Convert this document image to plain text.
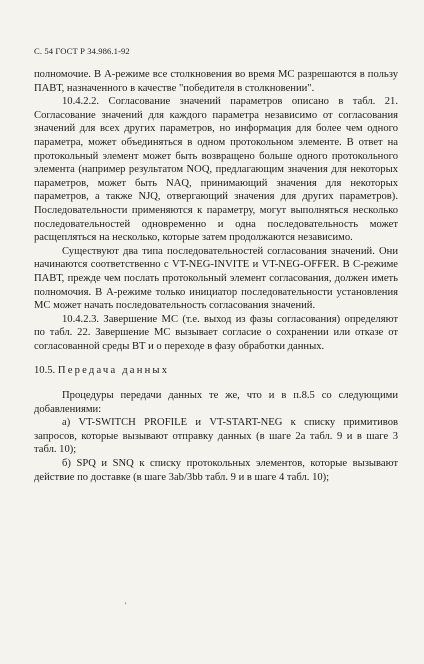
С. 54 ГОСТ Р 34.986.1-92

полномочие. В А-режиме все столкновения во время МС разрешаются в пользу ПАВТ, назначенного в качестве "победителя в столкновении".

10.4.2.2. Согласование значений параметров описано в табл. 21. Согласование значений для каждого параметра независимо от согласования значений для всех других параметров, но информация для более чем одного параметра, может объединяться в одном протокольном элементе. В ответ на протокольный элемент может быть возвращено больше одного протокольного элемента (например результатом NOQ, предлагающим значения для некоторых параметров, может быть NAQ, принимающий значения для некоторых параметров, а также NJQ, отвергающий значения для других параметров). Последовательности применяются к параметру, могут выполняться несколько последовательностей одновременно и одна последовательность может расщепляться на несколько, которые затем продолжаются независимо.

Существуют два типа последовательностей согласования значений. Они начинаются соответственно с VT-NEG-INVITE и VT-NEG-OFFER. В С-режиме ПАВТ, прежде чем послать протокольный элемент согласования, должен иметь полномочия. В А-режиме только инициатор последовательности установления МС может начать последовательность согласования значений.

10.4.2.3. Завершение МС (т.е. выход из фазы согласования) определяют по табл. 22. Завершение МС вызывает согласие о сохранении или отказе от согласованной среды ВТ и о переходе в фазу обработки данных.

10.5. Передача данных

Процедуры передачи данных те же, что и в п.8.5 со следующими добавлениями:

а) VT-SWITCH PROFILE и VT-START-NEG к списку примитивов запросов, которые вызывают отправку данных (в шаге 2а табл. 9 и в шаге 3 табл. 10);

б) SPQ и SNQ к списку протокольных элементов, которые вызывают действие по доставке (в шаге 3ab/3bb табл. 9 и в шаге 4 табл. 10);

'
